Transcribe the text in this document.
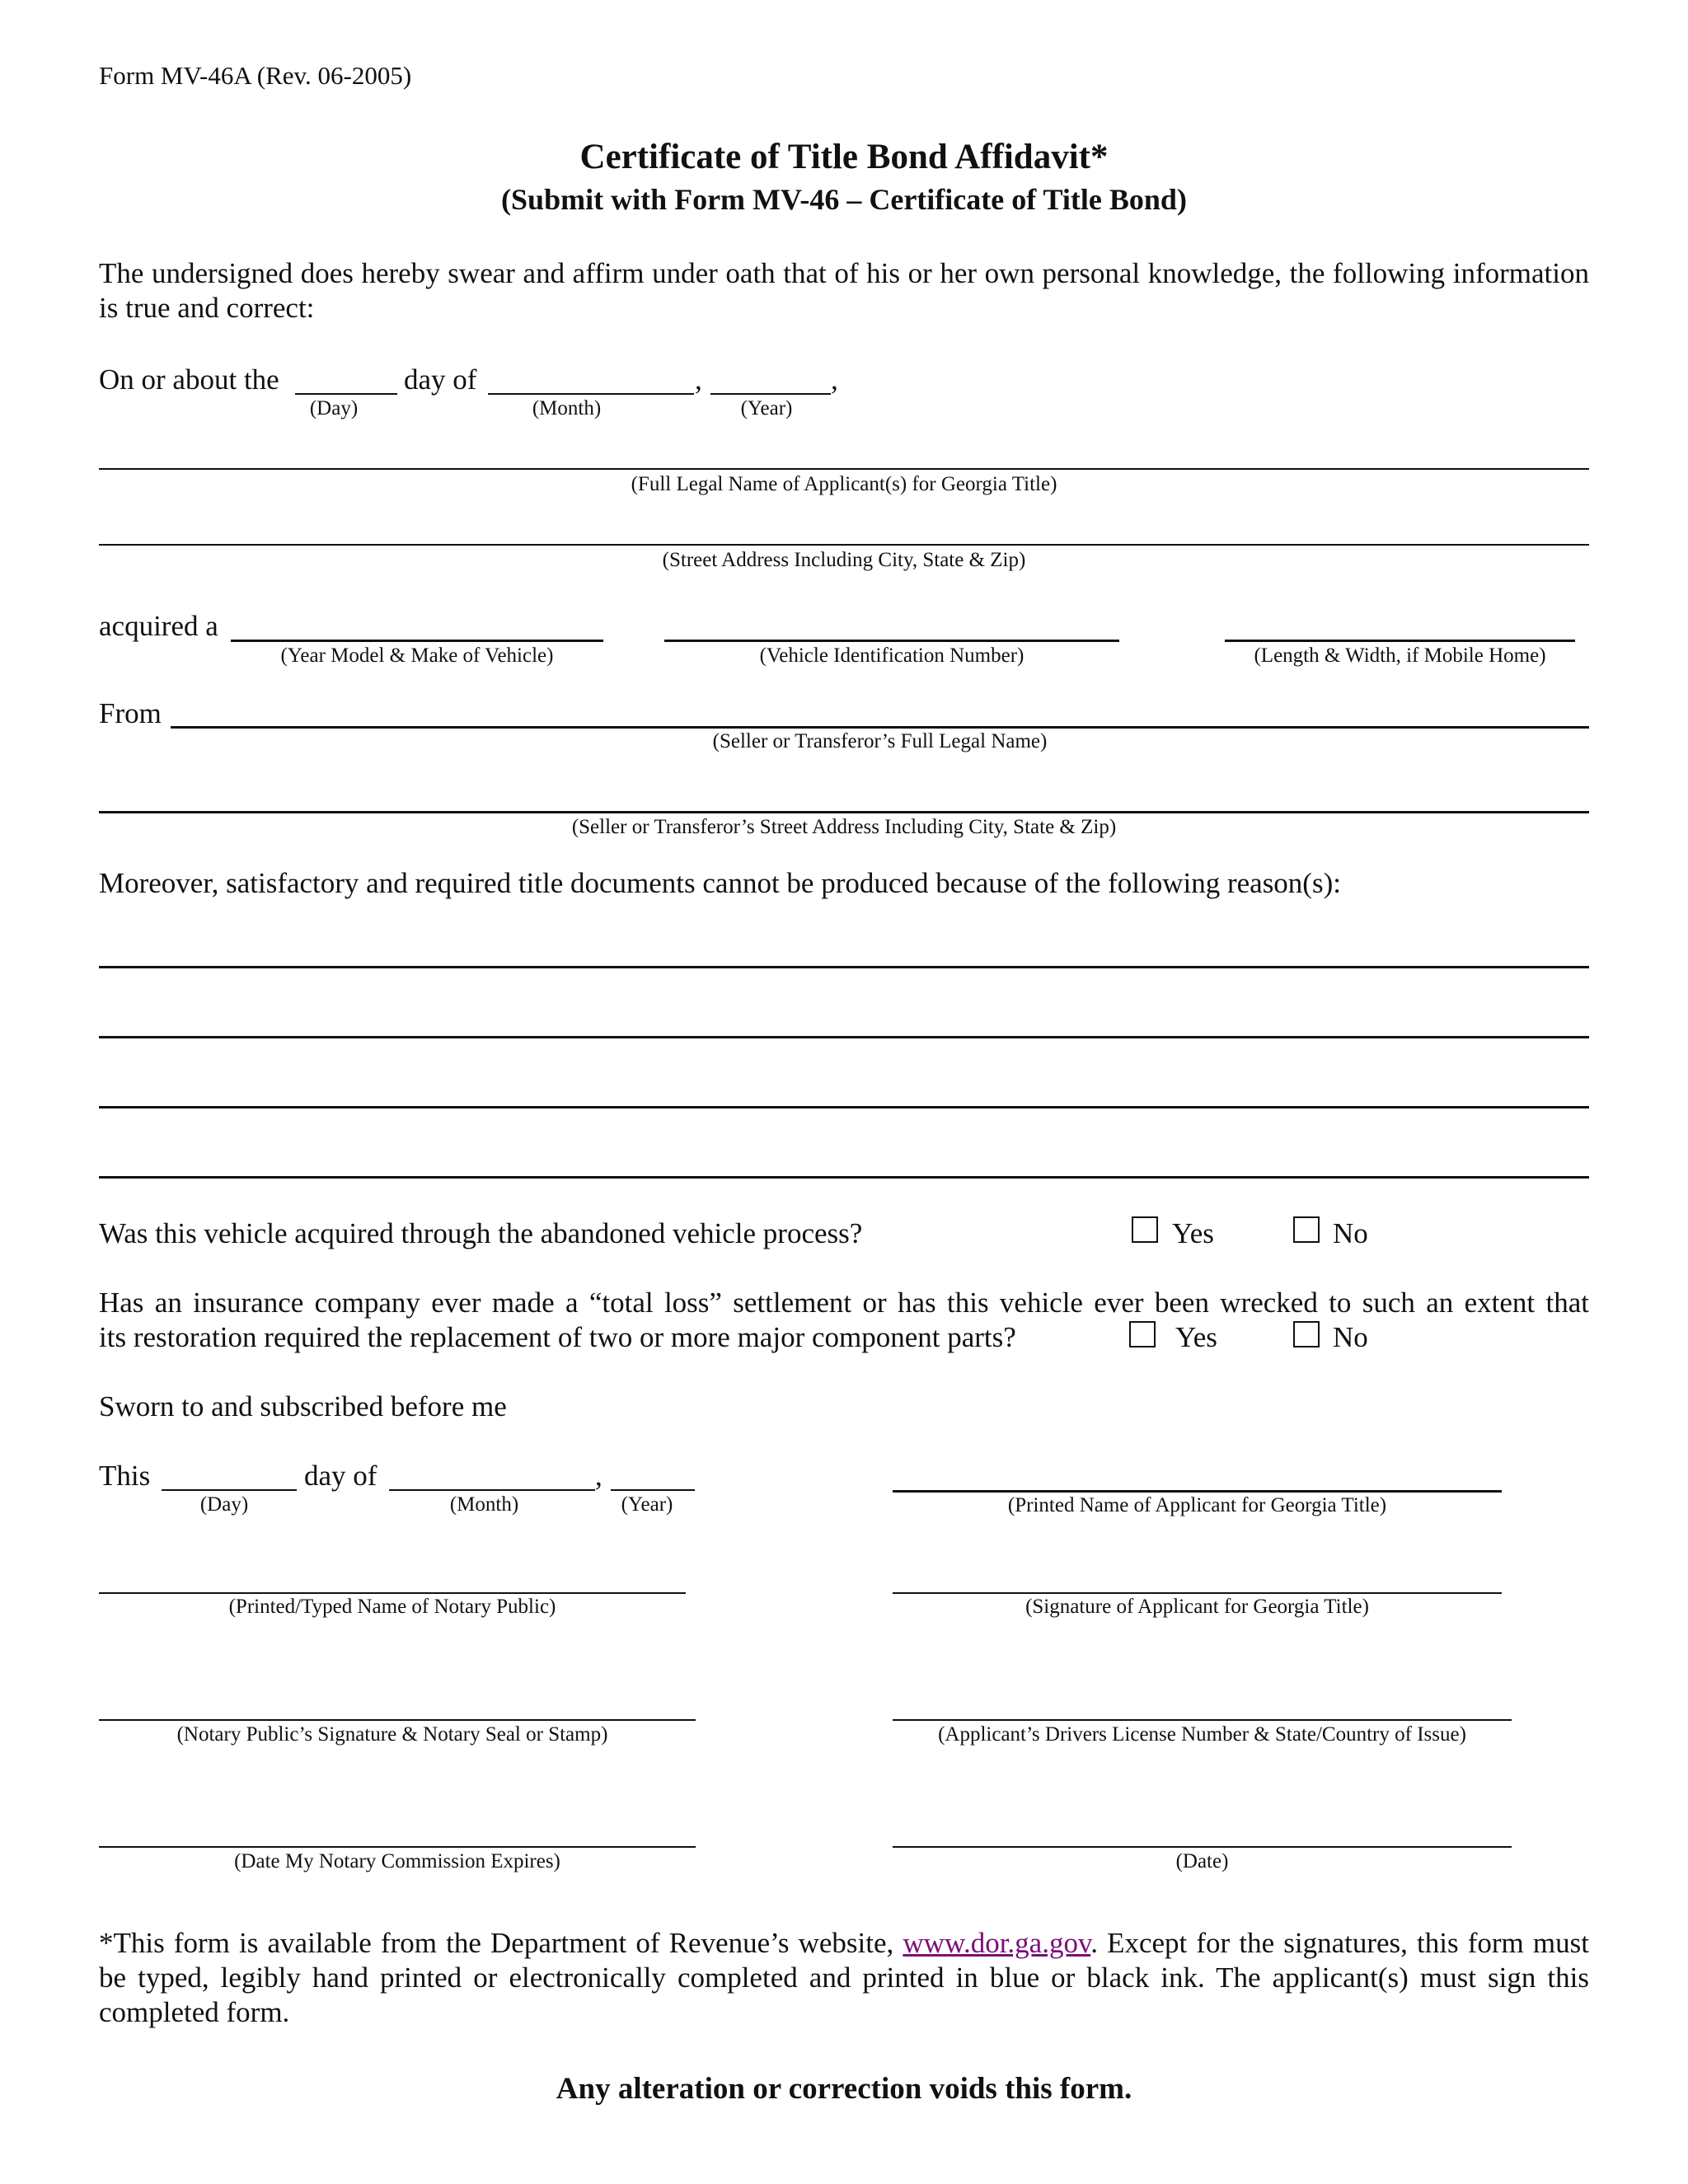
Form MV-46A (Rev. 06-2005)
Certificate of Title Bond Affidavit*
(Submit with Form MV-46 – Certificate of Title Bond)
The undersigned does hereby swear and affirm under oath that of his or her own personal knowledge, the following information is true and correct:
On or about the	day of	,	,
(Day)	(Month)	(Year)
(Full Legal Name of Applicant(s) for Georgia Title)
(Street Address Including City, State & Zip)
acquired a
(Year Model & Make of Vehicle)	(Vehicle Identification Number)	(Length & Width, if Mobile Home)
From
(Seller or Transferor’s Full Legal Name)
(Seller or Transferor’s Street Address Including City, State & Zip)
Moreover, satisfactory and required title documents cannot be produced because of the following reason(s):
Was this vehicle acquired through the abandoned vehicle process?	Yes	No
Has an insurance company ever made a “total loss” settlement or has this vehicle ever been wrecked to such an extent that
its restoration required the replacement of two or more major component parts?	Yes	No
Sworn to and subscribed before me
This	day of	,
(Day)	(Month)	(Year)	(Printed Name of Applicant for Georgia Title)
(Printed/Typed Name of Notary Public)	(Signature of Applicant for Georgia Title)
(Notary Public’s Signature & Notary Seal or Stamp)	(Applicant’s Drivers License Number & State/Country of Issue)
(Date My Notary Commission Expires)	(Date)
*This form is available from the Department of Revenue’s website, www.dor.ga.gov. Except for the signatures, this form must be typed, legibly hand printed or electronically completed and printed in blue or black ink. The applicant(s) must sign this completed form.
Any alteration or correction voids this form.
